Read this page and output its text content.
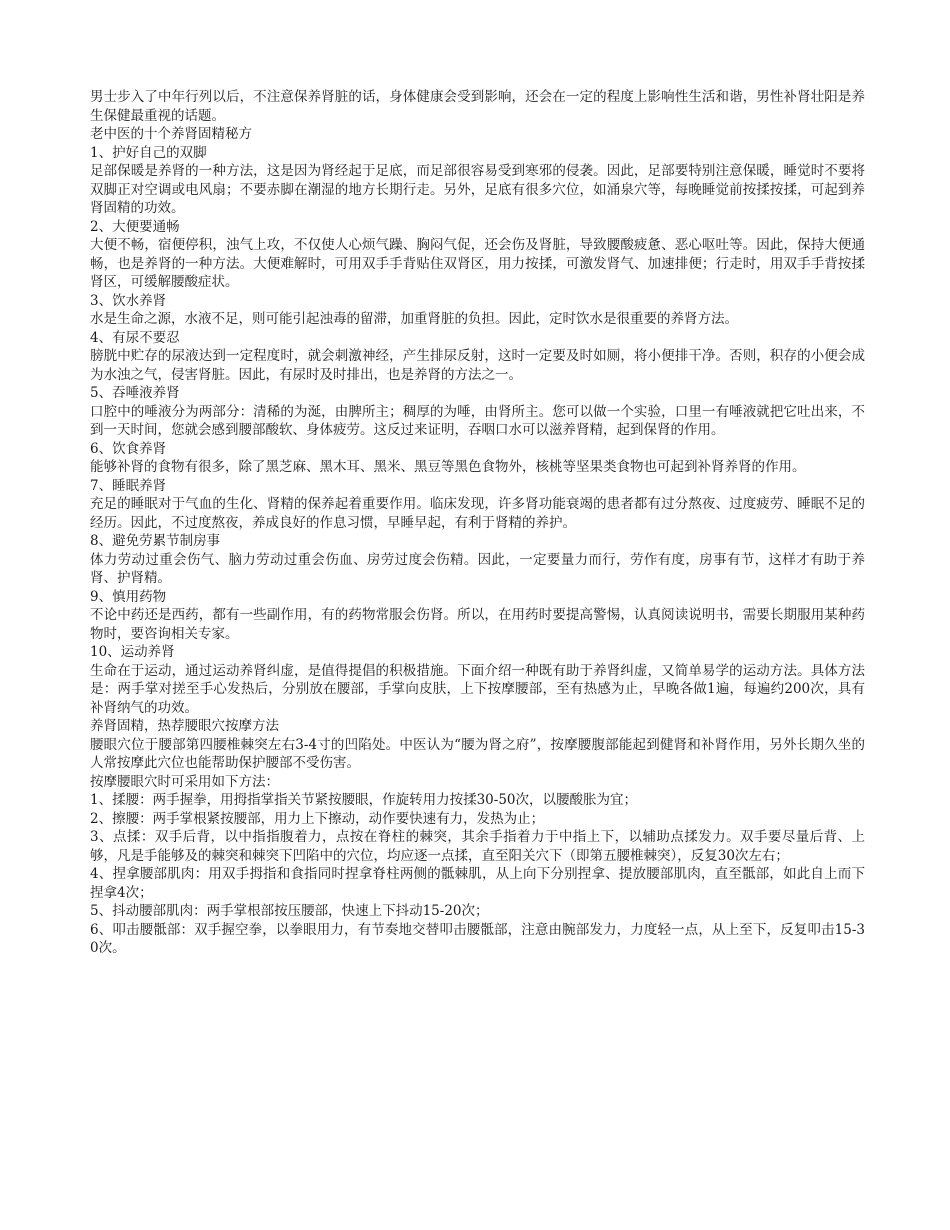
男士步入了中年行列以后，不注意保养肾脏的话，身体健康会受到影响，还会在一定的程度上影响性生活和谐，男性补肾壮阳是养生保健最重视的话题。

老中医的十个养肾固精秘方

1、护好自己的双脚

足部保暖是养肾的一种方法，这是因为肾经起于足底，而足部很容易受到寒邪的侵袭。因此，足部要特别注意保暖，睡觉时不要将双脚正对空调或电风扇；不要赤脚在潮湿的地方长期行走。另外，足底有很多穴位，如涌泉穴等，每晚睡觉前按揉按揉，可起到养肾固精的功效。

2、大便要通畅

大便不畅，宿便停积，浊气上攻，不仅使人心烦气躁、胸闷气促，还会伤及肾脏，导致腰酸疲惫、恶心呕吐等。因此，保持大便通畅，也是养肾的一种方法。大便难解时，可用双手手背贴住双肾区，用力按揉，可激发肾气、加速排便；行走时，用双手手背按揉肾区，可缓解腰酸症状。

3、饮水养肾

水是生命之源，水液不足，则可能引起浊毒的留滞，加重肾脏的负担。因此，定时饮水是很重要的养肾方法。

4、有尿不要忍

膀胱中贮存的尿液达到一定程度时，就会刺激神经，产生排尿反射，这时一定要及时如厕，将小便排干净。否则，积存的小便会成为水浊之气，侵害肾脏。因此，有尿时及时排出，也是养肾的方法之一。

5、吞唾液养肾

口腔中的唾液分为两部分：清稀的为涎，由脾所主；稠厚的为唾，由肾所主。您可以做一个实验，口里一有唾液就把它吐出来，不到一天时间，您就会感到腰部酸软、身体疲劳。这反过来证明，吞咽口水可以滋养肾精，起到保肾的作用。

6、饮食养肾

能够补肾的食物有很多，除了黑芝麻、黑木耳、黑米、黑豆等黑色食物外，核桃等坚果类食物也可起到补肾养肾的作用。

7、睡眠养肾

充足的睡眠对于气血的生化、肾精的保养起着重要作用。临床发现，许多肾功能衰竭的患者都有过分熬夜、过度疲劳、睡眠不足的经历。因此，不过度熬夜，养成良好的作息习惯，早睡早起，有利于肾精的养护。

8、避免劳累节制房事

体力劳动过重会伤气、脑力劳动过重会伤血、房劳过度会伤精。因此，一定要量力而行，劳作有度，房事有节，这样才有助于养肾、护肾精。

9、慎用药物

不论中药还是西药，都有一些副作用，有的药物常服会伤肾。所以，在用药时要提高警惕，认真阅读说明书，需要长期服用某种药物时，要咨询相关专家。

10、运动养肾

生命在于运动，通过运动养肾纠虚，是值得提倡的积极措施。下面介绍一种既有助于养肾纠虚，又简单易学的运动方法。具体方法是：两手掌对搓至手心发热后，分别放在腰部，手掌向皮肤，上下按摩腰部，至有热感为止，早晚各做1遍，每遍约200次，具有补肾纳气的功效。

养肾固精，热荐腰眼穴按摩方法

腰眼穴位于腰部第四腰椎棘突左右3-4寸的凹陷处。中医认为“腰为肾之府”，按摩腰腹部能起到健肾和补肾作用，另外长期久坐的人常按摩此穴位也能帮助保护腰部不受伤害。

按摩腰眼穴时可采用如下方法：

1、揉腰：两手握拳，用拇指掌指关节紧按腰眼，作旋转用力按揉30-50次，以腰酸胀为宜；

2、擦腰：两手掌根紧按腰部，用力上下擦动，动作要快速有力，发热为止；

3、点揉：双手后背，以中指指腹着力，点按在脊柱的棘突，其余手指着力于中指上下，以辅助点揉发力。双手要尽量后背、上够，凡是手能够及的棘突和棘突下凹陷中的穴位，均应逐一点揉，直至阳关穴下（即第五腰椎棘突），反复30次左右；

4、捏拿腰部肌肉：用双手拇指和食指同时捏拿脊柱两侧的骶棘肌，从上向下分别捏拿、提放腰部肌肉，直至骶部，如此自上而下捏拿4次；

5、抖动腰部肌肉：两手掌根部按压腰部，快速上下抖动15-20次；

6、叩击腰骶部：双手握空拳，以拳眼用力，有节奏地交替叩击腰骶部，注意由腕部发力，力度轻一点，从上至下，反复叩击15-30次。
